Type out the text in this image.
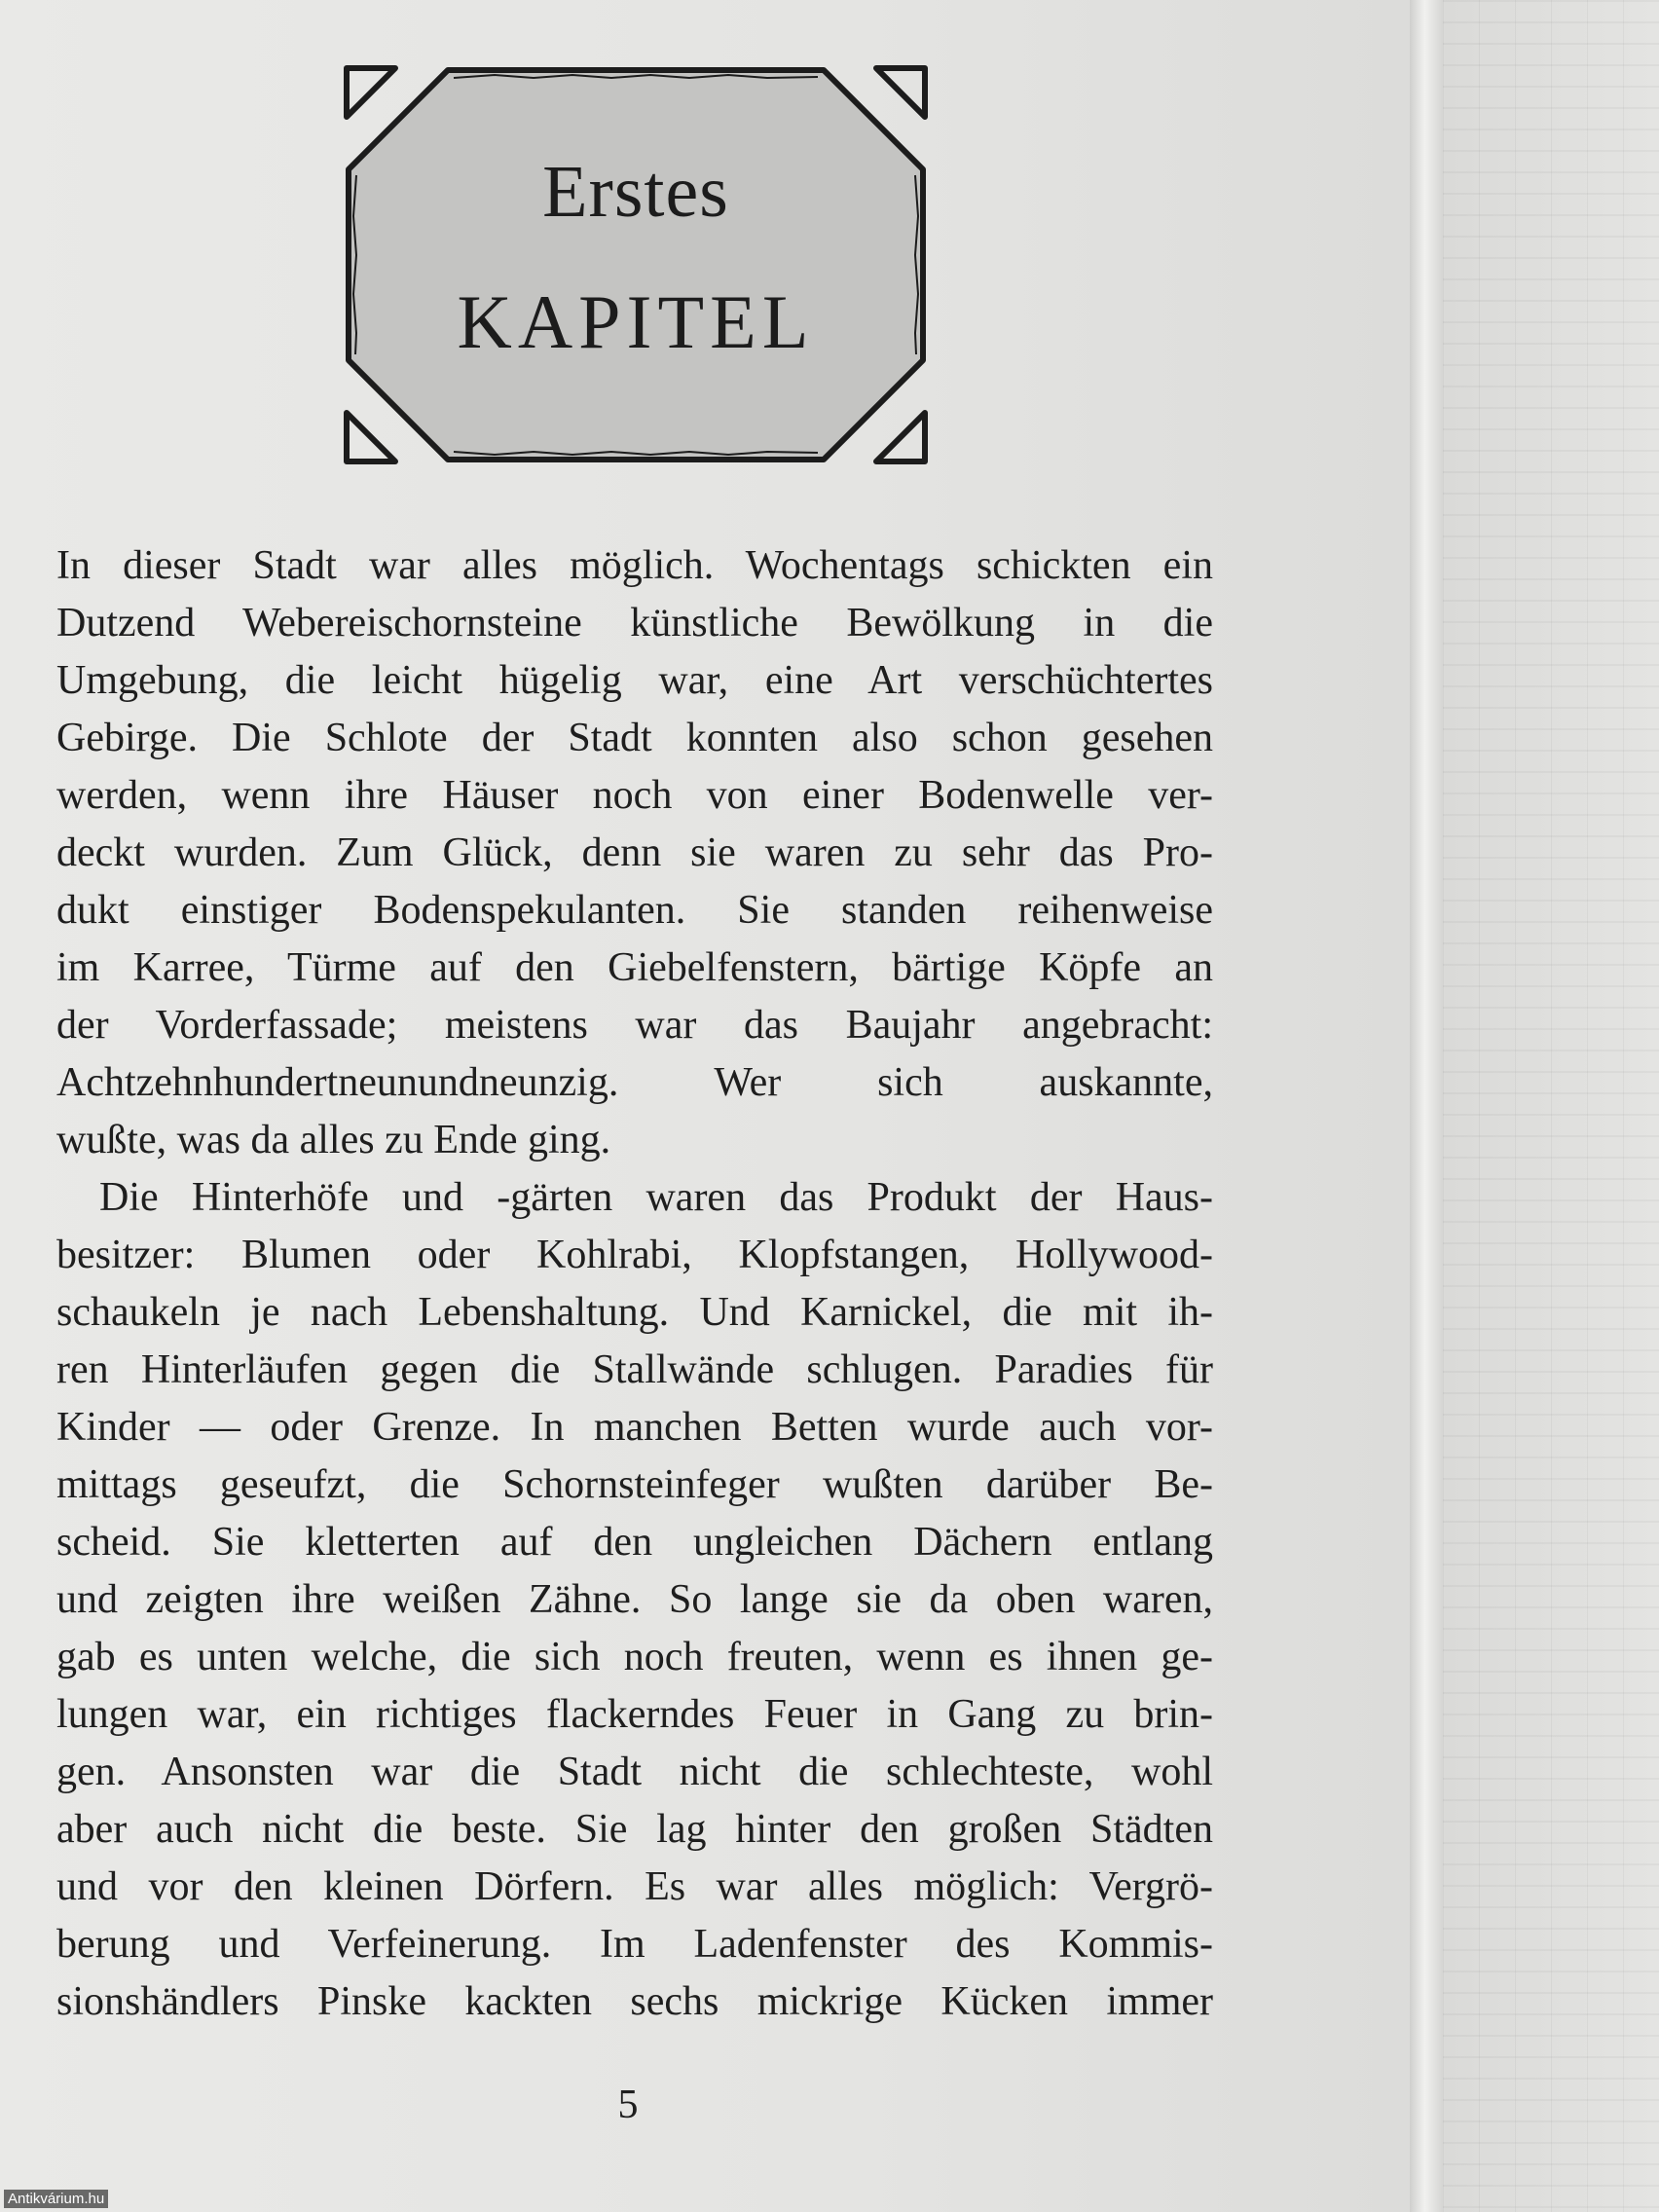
Erstes
KAPITEL
In dieser Stadt war alles möglich. Wochentags schickten ein
Dutzend Webereischornsteine künstliche Bewölkung in die
Umgebung, die leicht hügelig war, eine Art verschüchtertes
Gebirge. Die Schlote der Stadt konnten also schon gesehen
werden, wenn ihre Häuser noch von einer Bodenwelle ver-
deckt wurden. Zum Glück, denn sie waren zu sehr das Pro-
dukt einstiger Bodenspekulanten. Sie standen reihenweise
im Karree, Türme auf den Giebelfenstern, bärtige Köpfe an
der Vorderfassade; meistens war das Baujahr angebracht:
Achtzehnhundertneunundneunzig. Wer sich auskannte,
wußte, was da alles zu Ende ging.
Die Hinterhöfe und -gärten waren das Produkt der Haus-
besitzer: Blumen oder Kohlrabi, Klopfstangen, Hollywood-
schaukeln je nach Lebenshaltung. Und Karnickel, die mit ih-
ren Hinterläufen gegen die Stallwände schlugen. Paradies für
Kinder — oder Grenze. In manchen Betten wurde auch vor-
mittags geseufzt, die Schornsteinfeger wußten darüber Be-
scheid. Sie kletterten auf den ungleichen Dächern entlang
und zeigten ihre weißen Zähne. So lange sie da oben waren,
gab es unten welche, die sich noch freuten, wenn es ihnen ge-
lungen war, ein richtiges flackerndes Feuer in Gang zu brin-
gen. Ansonsten war die Stadt nicht die schlechteste, wohl
aber auch nicht die beste. Sie lag hinter den großen Städten
und vor den kleinen Dörfern. Es war alles möglich: Vergrö-
berung und Verfeinerung. Im Ladenfenster des Kommis-
sionshändlers Pinske kackten sechs mickrige Kücken immer
5
Antikvárium.hu
